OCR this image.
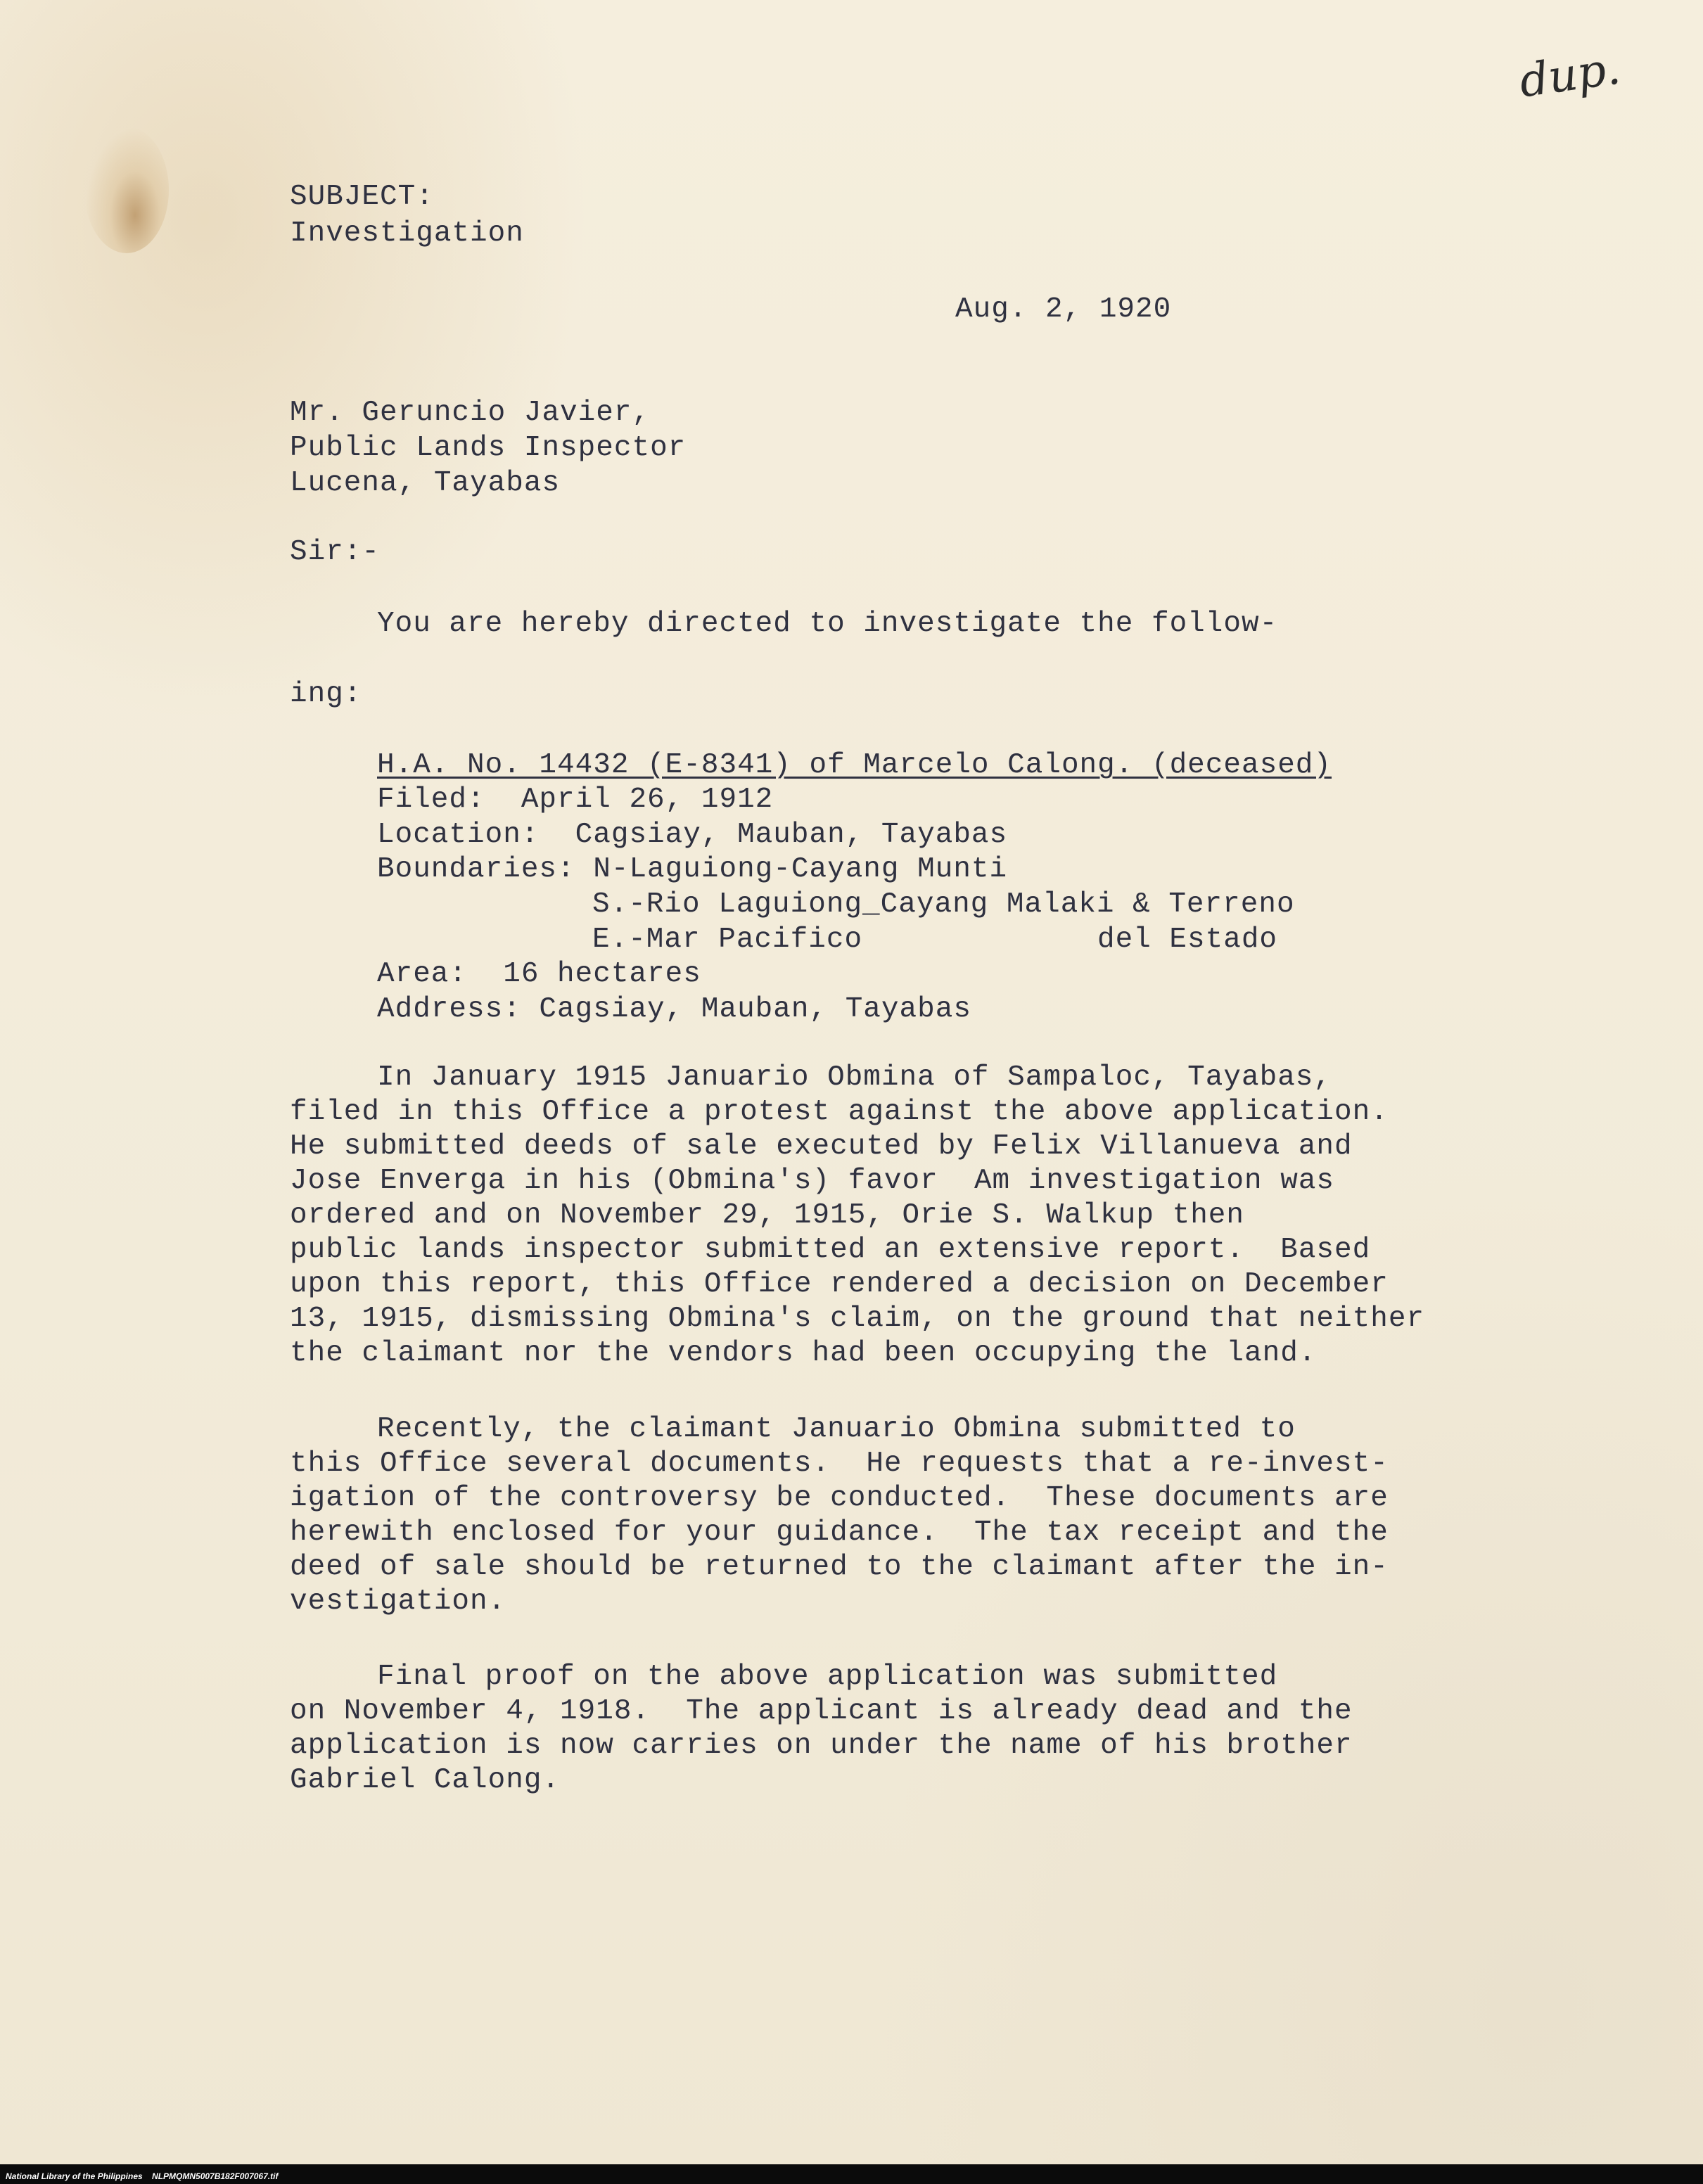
dup.
SUBJECT:
Investigation
Aug. 2, 1920
Mr. Geruncio Javier,
Public Lands Inspector
Lucena, Tayabas
Sir:-
You are hereby directed to investigate the follow-
ing:
H.A. No. 14432 (E-8341) of Marcelo Calong. (deceased)
Filed:  April 26, 1912
Location:  Cagsiay, Mauban, Tayabas
Boundaries: N-Laguiong-Cayang Munti
S.-Rio Laguiong_Cayang Malaki & Terreno
E.-Mar Pacifico	del Estado
Area:  16 hectares
Address: Cagsiay, Mauban, Tayabas
In January 1915 Januario Obmina of Sampaloc, Tayabas,
filed in this Office a protest against the above application.
He submitted deeds of sale executed by Felix Villanueva and
Jose Enverga in his (Obmina's) favor  Am investigation was
ordered and on November 29, 1915, Orie S. Walkup then
public lands inspector submitted an extensive report.  Based
upon this report, this Office rendered a decision on December
13, 1915, dismissing Obmina's claim, on the ground that neither
the claimant nor the vendors had been occupying the land.
Recently, the claimant Januario Obmina submitted to
this Office several documents.  He requests that a re-invest-
igation of the controversy be conducted.  These documents are
herewith enclosed for your guidance.  The tax receipt and the
deed of sale should be returned to the claimant after the in-
vestigation.
Final proof on the above application was submitted
on November 4, 1918.  The applicant is already dead and the
application is now carries on under the name of his brother
Gabriel Calong.
National Library of the Philippines    NLPMQMN5007B182F007067.tif
